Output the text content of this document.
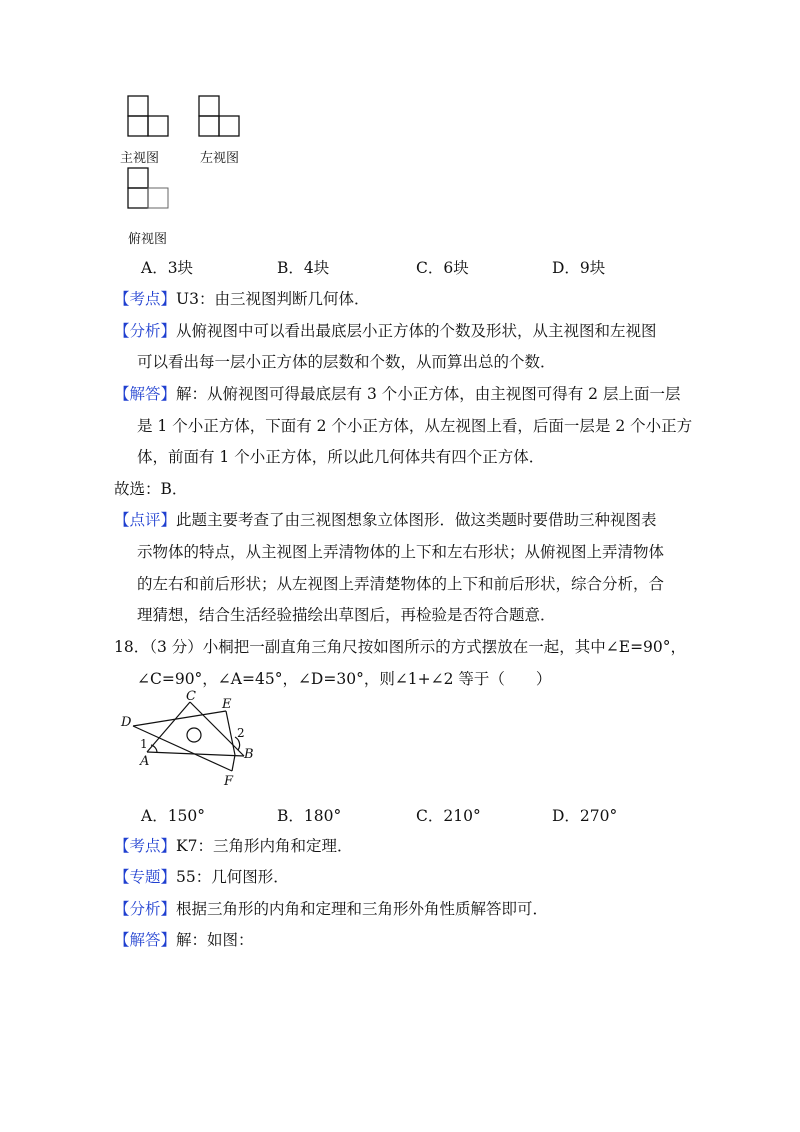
主视图	左视图
俯视图
A．3块	B．4块	C．6块	D．9块
【考点】U3：由三视图判断几何体．
【分析】从俯视图中可以看出最底层小正方体的个数及形状，从主视图和左视图
可以看出每一层小正方体的层数和个数，从而算出总的个数．
【解答】解：从俯视图可得最底层有 3 个小正方体，由主视图可得有 2 层上面一层
是 1 个小正方体，下面有 2 个小正方体，从左视图上看，后面一层是 2 个小正方
体，前面有 1 个小正方体，所以此几何体共有四个正方体．
故选：B．
【点评】此题主要考查了由三视图想象立体图形．做这类题时要借助三种视图表
示物体的特点，从主视图上弄清物体的上下和左右形状；从俯视图上弄清物体
的左右和前后形状；从左视图上弄清楚物体的上下和前后形状，综合分析，合
理猜想，结合生活经验描绘出草图后，再检验是否符合题意．
18．（3 分）小桐把一副直角三角尺按如图所示的方式摆放在一起，其中∠E=90°，
∠C=90°，∠A=45°，∠D=30°，则∠1+∠2 等于（　　）
C
E
D
1
2
B
A
F
A．150°	B．180°	C．210°	D．270°
【考点】K7：三角形内角和定理．
【专题】55：几何图形．
【分析】根据三角形的内角和定理和三角形外角性质解答即可．
【解答】解：如图：
